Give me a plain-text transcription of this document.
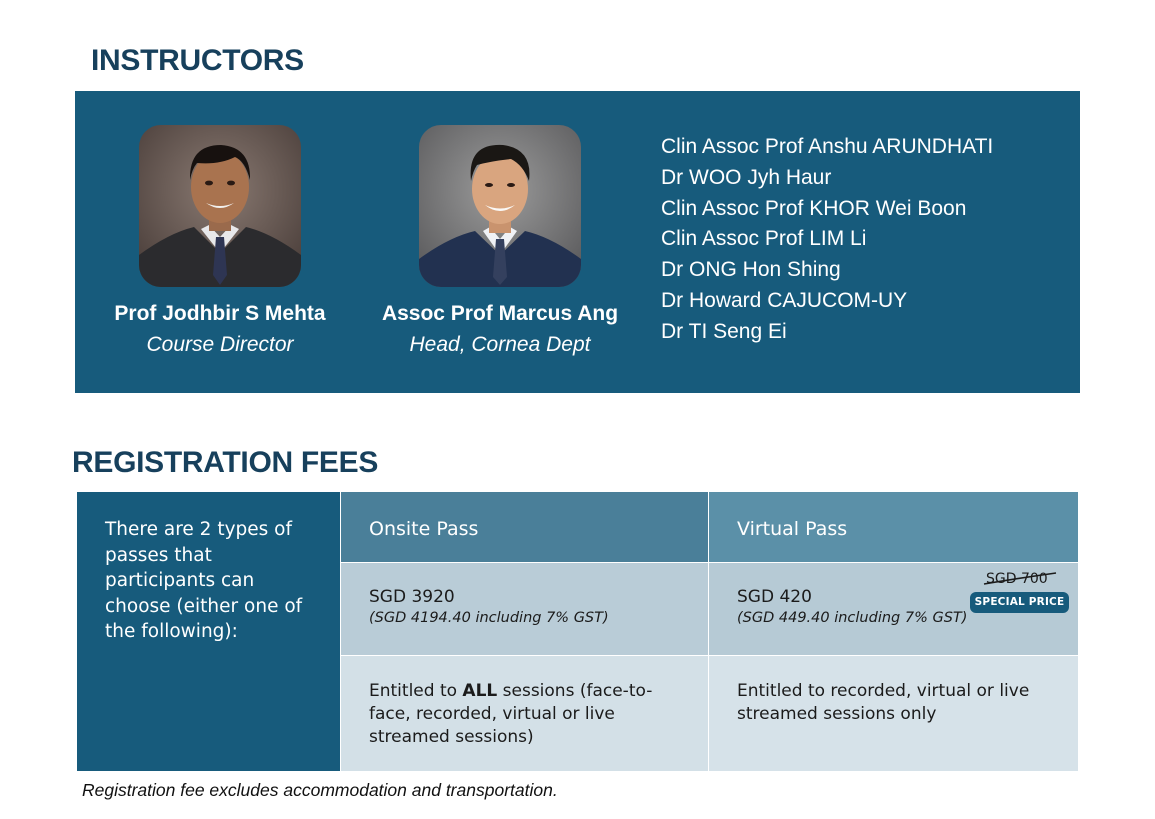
INSTRUCTORS
Prof Jodhbir S Mehta
Course Director
Assoc Prof Marcus Ang
Head, Cornea Dept
Clin Assoc Prof Anshu ARUNDHATI
Dr WOO Jyh Haur
Clin Assoc Prof KHOR Wei Boon
Clin Assoc Prof LIM Li
Dr ONG Hon Shing
Dr Howard CAJUCOM-UY
Dr TI Seng Ei
REGISTRATION FEES
There are 2 types of passes that participants can choose (either one of the following):
Onsite Pass	Virtual Pass
SGD 3920
(SGD 4194.40 including 7% GST)
SGD 420
(SGD 449.40 including 7% GST)
SGD 700
SPECIAL PRICE
Entitled to ALL sessions (face-to-face, recorded, virtual or live streamed sessions)
Entitled to recorded, virtual or live streamed sessions only
Registration fee excludes accommodation and transportation.
